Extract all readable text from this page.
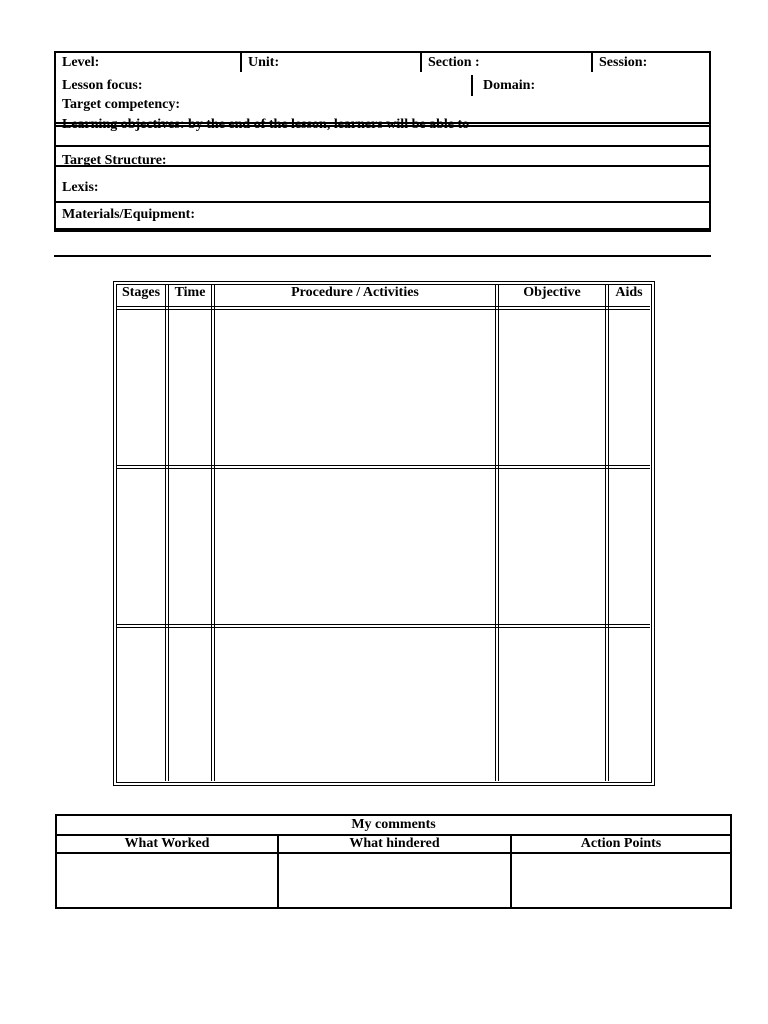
Level:	Unit:	Section :	Session:
Lesson focus:	Domain:
Target competency:
Learning objectives: by the end of the lesson, learners will be able to
Target Structure:
Lexis:
Materials/Equipment:
Stages	Time	Procedure / Activities	Objective	Aids
My comments
What Worked	What hindered	Action Points
